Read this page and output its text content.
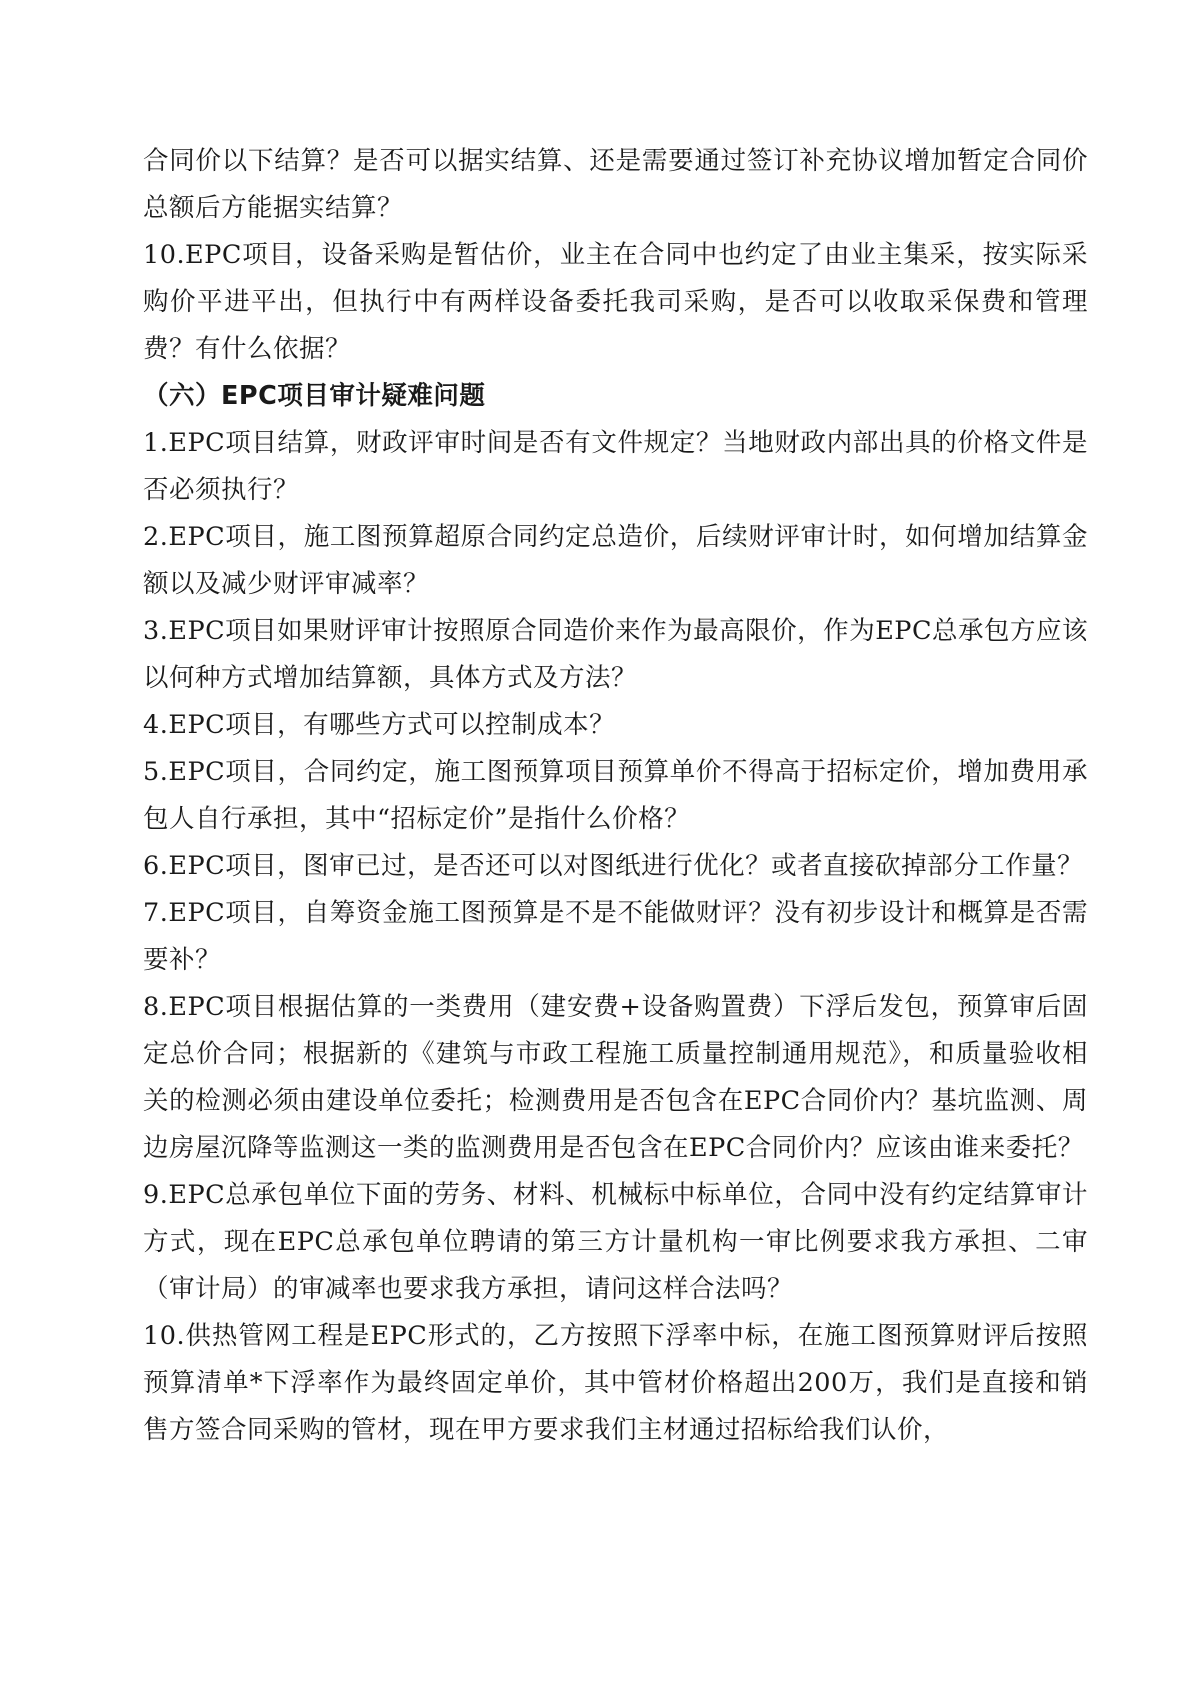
合同价以下结算？是否可以据实结算、还是需要通过签订补充协议增加暂定合同价总额后方能据实结算？

10.EPC项目，设备采购是暂估价，业主在合同中也约定了由业主集采，按实际采购价平进平出，但执行中有两样设备委托我司采购，是否可以收取采保费和管理费？有什么依据？

（六）EPC项目审计疑难问题

1.EPC项目结算，财政评审时间是否有文件规定？当地财政内部出具的价格文件是否必须执行？

2.EPC项目，施工图预算超原合同约定总造价，后续财评审计时，如何增加结算金额以及减少财评审减率？

3.EPC项目如果财评审计按照原合同造价来作为最高限价，作为EPC总承包方应该以何种方式增加结算额，具体方式及方法？

4.EPC项目，有哪些方式可以控制成本？

5.EPC项目，合同约定，施工图预算项目预算单价不得高于招标定价，增加费用承包人自行承担，其中“招标定价”是指什么价格？

6.EPC项目，图审已过，是否还可以对图纸进行优化？或者直接砍掉部分工作量？

7.EPC项目，自筹资金施工图预算是不是不能做财评？没有初步设计和概算是否需要补？

8.EPC项目根据估算的一类费用（建安费+设备购置费）下浮后发包，预算审后固定总价合同；根据新的《建筑与市政工程施工质量控制通用规范》，和质量验收相关的检测必须由建设单位委托；检测费用是否包含在EPC合同价内？基坑监测、周边房屋沉降等监测这一类的监测费用是否包含在EPC合同价内？应该由谁来委托？

9.EPC总承包单位下面的劳务、材料、机械标中标单位，合同中没有约定结算审计方式，现在EPC总承包单位聘请的第三方计量机构一审比例要求我方承担、二审（审计局）的审减率也要求我方承担，请问这样合法吗？

10.供热管网工程是EPC形式的，乙方按照下浮率中标，在施工图预算财评后按照预算清单*下浮率作为最终固定单价，其中管材价格超出200万，我们是直接和销售方签合同采购的管材，现在甲方要求我们主材通过招标给我们认价，
